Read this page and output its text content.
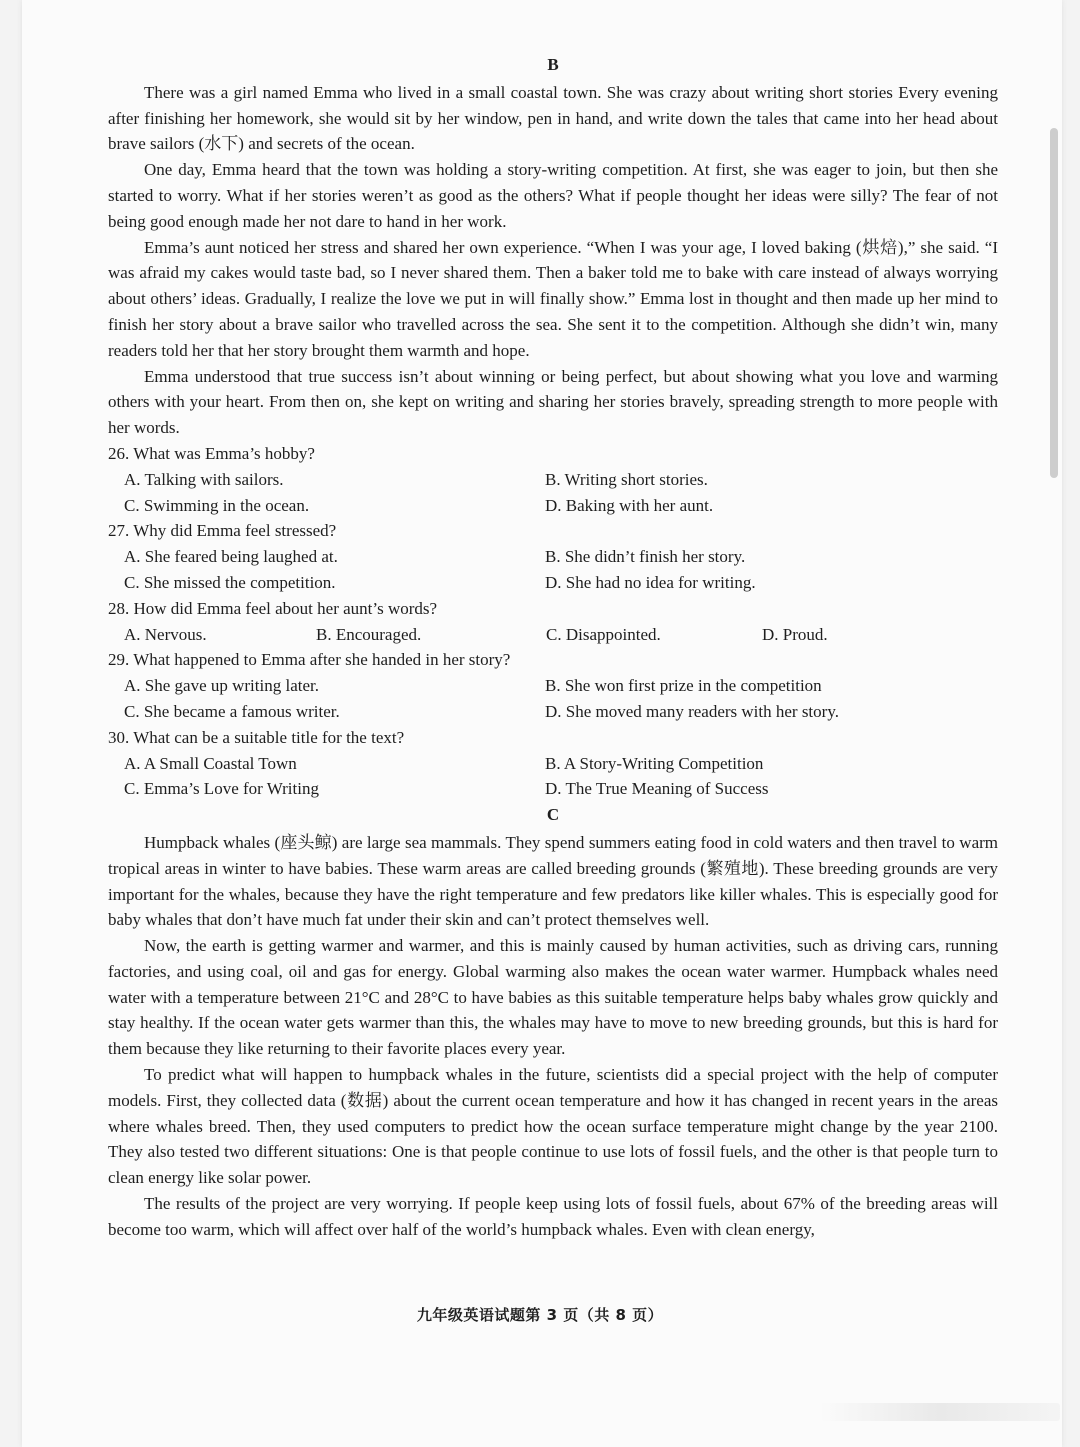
B

There was a girl named Emma who lived in a small coastal town. She was crazy about writing short stories Every evening after finishing her homework, she would sit by her window, pen in hand, and write down the tales that came into her head about brave sailors (水下) and secrets of the ocean.

One day, Emma heard that the town was holding a story-writing competition. At first, she was eager to join, but then she started to worry. What if her stories weren’t as good as the others? What if people thought her ideas were silly? The fear of not being good enough made her not dare to hand in her work.

Emma’s aunt noticed her stress and shared her own experience. “When I was your age, I loved baking (烘焙),” she said. “I was afraid my cakes would taste bad, so I never shared them. Then a baker told me to bake with care instead of always worrying about others’ ideas. Gradually, I realize the love we put in will finally show.” Emma lost in thought and then made up her mind to finish her story about a brave sailor who travelled across the sea. She sent it to the competition. Although she didn’t win, many readers told her that her story brought them warmth and hope.

Emma understood that true success isn’t about winning or being perfect, but about showing what you love and warming others with your heart. From then on, she kept on writing and sharing her stories bravely, spreading strength to more people with her words.

26. What was Emma’s hobby?
A. Talking with sailors.	B. Writing short stories.
C. Swimming in the ocean.	D. Baking with her aunt.
27. Why did Emma feel stressed?
A. She feared being laughed at.	B. She didn’t finish her story.
C. She missed the competition.	D. She had no idea for writing.
28. How did Emma feel about her aunt’s words?
A. Nervous.	B. Encouraged.	C. Disappointed.	D. Proud.
29. What happened to Emma after she handed in her story?
A. She gave up writing later.	B. She won first prize in the competition
C. She became a famous writer.	D. She moved many readers with her story.
30. What can be a suitable title for the text?
A. A Small Coastal Town	B. A Story-Writing Competition
C. Emma’s Love for Writing	D. The True Meaning of Success
C

Humpback whales (座头鲸) are large sea mammals. They spend summers eating food in cold waters and then travel to warm tropical areas in winter to have babies. These warm areas are called breeding grounds (繁殖地). These breeding grounds are very important for the whales, because they have the right temperature and few predators like killer whales. This is especially good for baby whales that don’t have much fat under their skin and can’t protect themselves well.

Now, the earth is getting warmer and warmer, and this is mainly caused by human activities, such as driving cars, running factories, and using coal, oil and gas for energy. Global warming also makes the ocean water warmer. Humpback whales need water with a temperature between 21°C and 28°C to have babies as this suitable temperature helps baby whales grow quickly and stay healthy. If the ocean water gets warmer than this, the whales may have to move to new breeding grounds, but this is hard for them because they like returning to their favorite places every year.

To predict what will happen to humpback whales in the future, scientists did a special project with the help of computer models. First, they collected data (数据) about the current ocean temperature and how it has changed in recent years in the areas where whales breed. Then, they used computers to predict how the ocean surface temperature might change by the year 2100. They also tested two different situations: One is that people continue to use lots of fossil fuels, and the other is that people turn to clean energy like solar power.

The results of the project are very worrying. If people keep using lots of fossil fuels, about 67% of the breeding areas will become too warm, which will affect over half of the world’s humpback whales. Even with clean energy,

九年级英语试题第 3 页（共 8 页）
